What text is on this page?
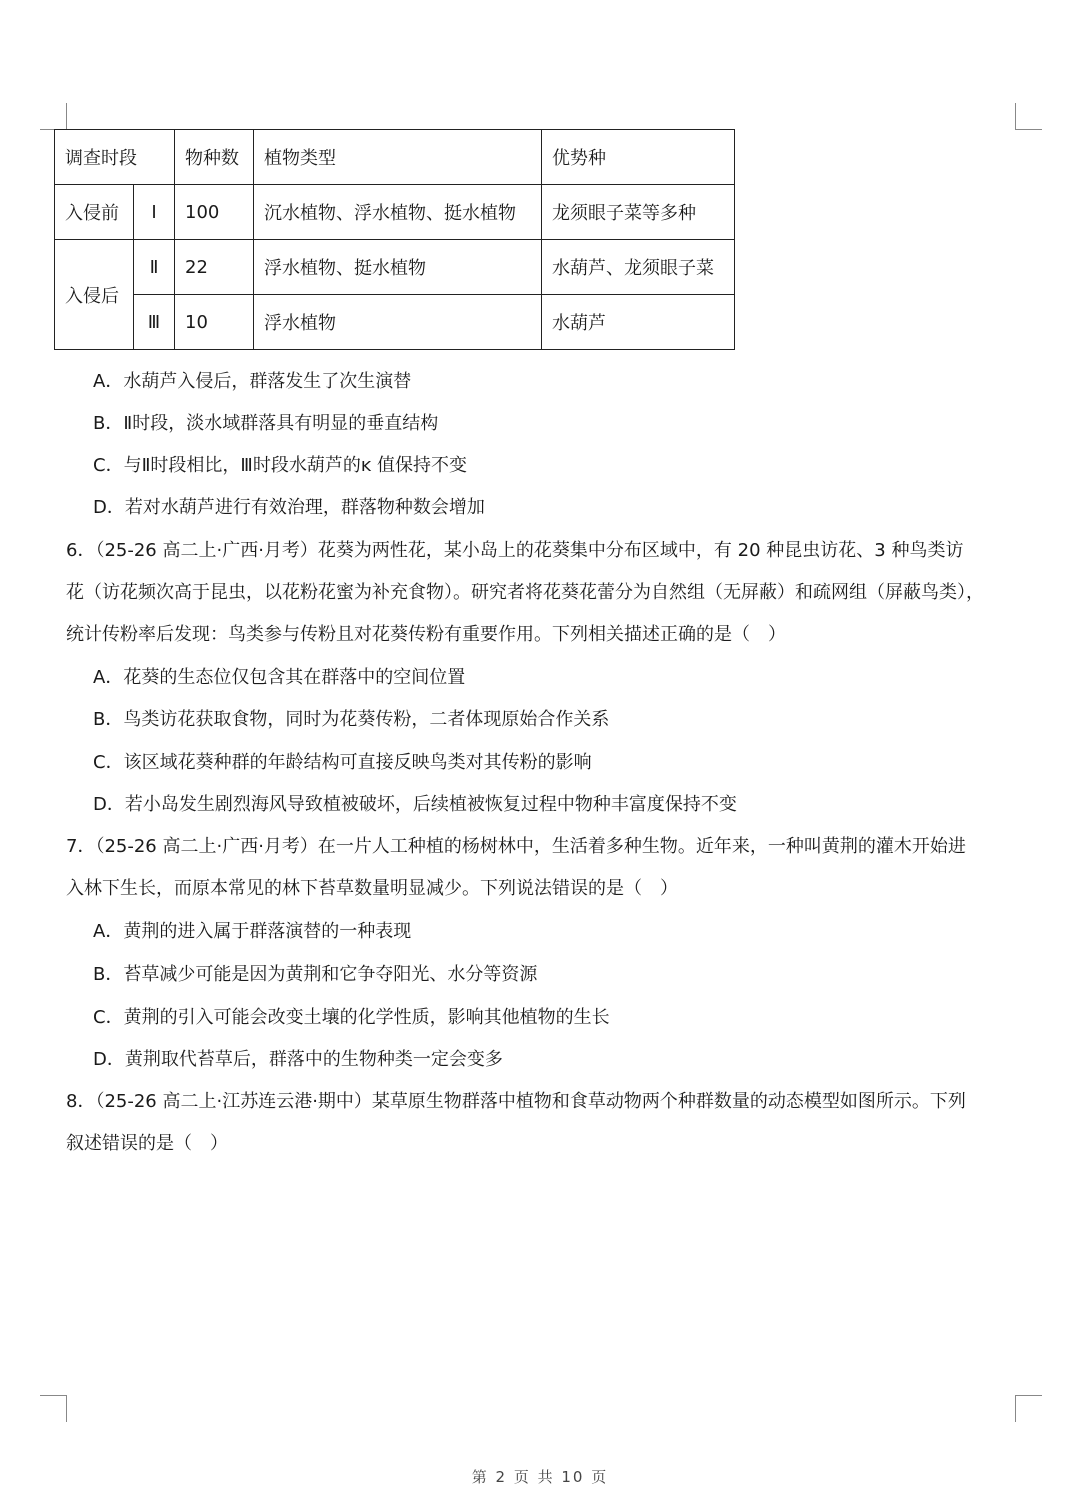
调查时段		物种数	植物类型	优势种
入侵前	Ⅰ	100	沉水植物、浮水植物、挺水植物	龙须眼子菜等多种
入侵后	Ⅱ	22	浮水植物、挺水植物	水葫芦、龙须眼子菜
	Ⅲ	10	浮水植物	水葫芦
A．水葫芦入侵后，群落发生了次生演替
B．Ⅱ时段，淡水域群落具有明显的垂直结构
C．与Ⅱ时段相比，Ⅲ时段水葫芦的ĸ 值保持不变
D．若对水葫芦进行有效治理，群落物种数会增加
6．（25-26 高二上·广西·月考）花葵为两性花，某小岛上的花葵集中分布区域中，有 20 种昆虫访花、3 种鸟类访
花（访花频次高于昆虫，以花粉花蜜为补充食物）。研究者将花葵花蕾分为自然组（无屏蔽）和疏网组（屏蔽鸟类），
统计传粉率后发现：鸟类参与传粉且对花葵传粉有重要作用。下列相关描述正确的是（　）
A．花葵的生态位仅包含其在群落中的空间位置
B．鸟类访花获取食物，同时为花葵传粉，二者体现原始合作关系
C．该区域花葵种群的年龄结构可直接反映鸟类对其传粉的影响
D．若小岛发生剧烈海风导致植被破坏，后续植被恢复过程中物种丰富度保持不变
7．（25-26 高二上·广西·月考）在一片人工种植的杨树林中，生活着多种生物。近年来，一种叫黄荆的灌木开始进
入林下生长，而原本常见的林下苔草数量明显减少。下列说法错误的是（　）
A．黄荆的进入属于群落演替的一种表现
B．苔草减少可能是因为黄荆和它争夺阳光、水分等资源
C．黄荆的引入可能会改变土壤的化学性质，影响其他植物的生长
D．黄荆取代苔草后，群落中的生物种类一定会变多
8．（25-26 高二上·江苏连云港·期中）某草原生物群落中植物和食草动物两个种群数量的动态模型如图所示。下列
叙述错误的是（　）
第 2 页 共 10 页
